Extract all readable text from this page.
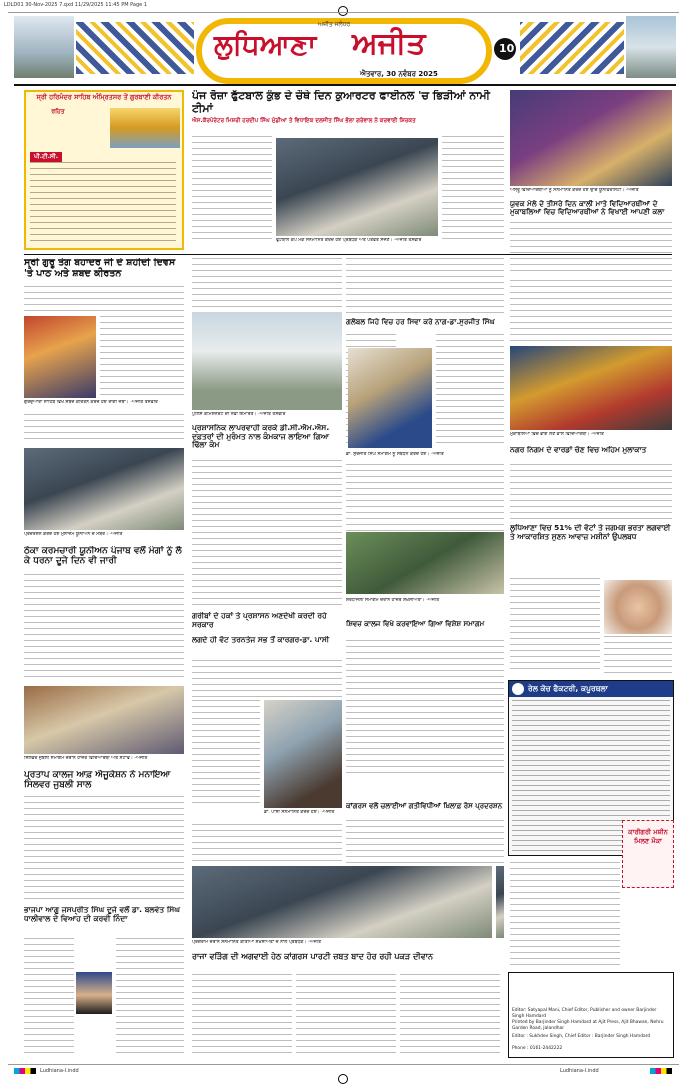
LDLD01 30-Nov-2025 7.qxd 11/29/2025 11:45 PM Page 1
ਅਜੀਤ ਜਲੰਧਰ
ਲੁਧਿਆਣਾ ਅਜੀਤ
ਐਤਵਾਰ, 30 ਨਵੰਬਰ 2025
10
ਸ੍ਰੀ ਹਰਿਮੰਦਰ ਸਾਹਿਬ ਅੰਮ੍ਰਿਤਸਰ ਤੋਂ ਗੁਰਬਾਣੀ ਕੀਰਤਨ
ਰਹਿਤ
ਪੀ.ਟੀ.ਸੀ.
ਪੰਜ ਰੋਜ਼ਾ ਫੁੱਟਬਾਲ ਕੁੰਭ ਦੇ ਚੌਥੇ ਦਿਨ ਕੁਆਰਟਰ ਫਾਈਨਲ 'ਚ ਭਿੜੀਆਂ ਨਾਮੀ ਟੀਮਾਂ
ਐਸ.ਕੌਰਪੋਰੇਟਰ ਮਿਸ਼ਰੀ ਹਰਦੀਪ ਸਿੰਘ ਮੁੰਡੀਆਂ ਤੇ ਵਿਧਾਇਕ ਦਲਜੀਤ ਸਿੰਘ ਭੋਲਾ ਗਰੇਵਾਲ ਨੇ ਕਰਵਾਈ ਸ਼ਿਰਕਤ
ਫੁੱਟਬਾਲ ਕੱਪ ਮੌਕੇ ਸਨਮਾਨਿਤ ਕਰਦੇ ਹੋਏ ਪ੍ਰਬੰਧਕ ਅਤੇ ਪਤਵੰਤੇ ਸੱਜਣ। -ਅਜੀਤ ਤਸਵੀਰ
ਅਸ੍ਰੂ ਵਿਦਿਆਰਥੀਆਂ ਨੂੰ ਸਨਮਾਨਿਤ ਕਰਦੇ ਹੋਏ ਉੱਚ ਯੂਨੀਵਰਸਿਟੀ। -ਅਜੀਤ
ਯੁਵਕ ਮੇਲੇ ਦੇ ਤੀਸਰੇ ਦਿਨ ਕਾਲੀ ਮਾਤੇ ਵਿਦਿਆਰਥੀਆਂ ਦੇ ਮੁਕਾਬਲਿਆਂ ਵਿਚ ਵਿਦਿਆਰਥੀਆਂ ਨੇ ਵਿਖਾਈ ਆਪਣੀ ਕਲਾ
ਸ੍ਰੀ ਗੁਰੂ ਤੇਗ ਬਹਾਦਰ ਜੀ ਦੇ ਸ਼ਹੀਦੀ ਦਿਵਸ 'ਤੇ ਪਾਠ ਅਤੇ ਸ਼ਬਦ ਕੀਰਤਨ
ਗੁਰਦੁਆਰਾ ਸਾਹਿਬ ਵਿਖੇ ਸ਼ਬਦ ਕੀਰਤਨ ਕਰਦੇ ਹੋਏ ਰਾਗੀ ਜਥਾ। -ਅਜੀਤ ਤਸਵੀਰ
ਪ੍ਰਦਰਸ਼ਨ ਕਰਦੇ ਹੋਏ ਮੁਲਾਜ਼ਮ ਯੂਨੀਅਨ ਦੇ ਮੈਂਬਰ। -ਅਜੀਤ
ਠੇਕਾ ਕਰਮਚਾਰੀ ਯੂਨੀਅਨ ਪੰਜਾਬ ਵਲੋਂ ਮੰਗਾਂ ਨੂੰ ਲੈ ਕੇ ਧਰਨਾ ਦੂਜੇ ਦਿਨ ਵੀ ਜਾਰੀ
ਸਿਲਵਰ ਜੁਬਲੀ ਸਮਾਗਮ ਦੌਰਾਨ ਹਾਜ਼ਰ ਵਿਦਿਆਰਥੀ ਅਤੇ ਸਟਾਫ। -ਅਜੀਤ
ਪ੍ਰਤਾਪ ਕਾਲਜ ਆਫ਼ ਐਜੂਕੇਸ਼ਨ ਨੇ ਮਨਾਇਆ ਸਿਲਵਰ ਜੁਬਲੀ ਸਾਲ
ਭਾਜਪਾ ਆਗੂ ਜਸਪ੍ਰੀਤ ਸਿੰਘ ਦੂਜੇ ਵਲੋਂ ਡਾ. ਬਲਵੰਤ ਸਿੰਘ ਧਾਲੀਵਾਲ ਦੇ ਵਿਆਹ ਦੀ ਕਰਵੀ ਨਿੰਦਾ
ਪੁਲਿਸ ਕਮਿਸ਼ਨਰੇਟ ਦੀ ਨਵੀਂ ਇਮਾਰਤ। -ਅਜੀਤ ਤਸਵੀਰ
ਪ੍ਰਸ਼ਾਸਨਿਕ ਲਾਪਰਵਾਹੀ ਕਰਕੇ ਡੀ.ਸੀ.ਐਮ.ਐਸ. ਦਫ਼ਤਰਾਂ ਦੀ ਮੁਰੰਮਤ ਨਾਲ ਕੰਮਕਾਜ ਲਾਇਆ ਗਿਆ ਢਿੱਲਾ ਕੰਮ
ਗਰੀਬਾਂ ਦੇ ਹਕਾਂ ਤੇ ਪ੍ਰਸ਼ਾਸਨ ਅਣਦੇਖੀ ਕਰਦੀ ਰਹੇ ਸਰਕਾਰ
ਲਗਦੇ ਹੀ ਵੋਟ ਤਰਨਤੇਜ ਸਭ ਤੋਂ ਕਾਰਗਰ-ਡਾ. ਪਾਸੀ
ਡਾ. ਪਾਸੀ ਸਨਮਾਨਿਤ ਕਰਦੇ ਹੋਏ। -ਅਜੀਤ
ਪ੍ਰੋਗਰਾਮ ਦੌਰਾਨ ਸਨਮਾਨਿਤ ਕੀਤੀਆਂ ਸ਼ਖ਼ਸੀਅਤਾਂ ਦੇ ਨਾਲ ਪ੍ਰਬੰਧਕ। -ਅਜੀਤ
ਰਾਜਾ ਵੜਿੰਗ ਦੀ ਅਗਵਾਈ ਹੇਠ ਕਾਂਗਰਸ ਪਾਰਟੀ ਜ਼ਬਤ ਬਾਦ ਹੋਰ ਰਹੀ ਪਕੜ ਦੀਵਾਨ
ਗਲੋਬਲ ਜਿਹੇ ਵਿਚ ਹਰ ਸਿਵਾ ਕਰੇ ਨਾਗ-ਡਾ.ਸੁਰਜੀਤ ਸਿੰਘ
ਡਾ. ਸੁਰਜੀਤ ਸਿੰਘ ਸਮਾਗਮ ਨੂੰ ਸੰਬੋਧਨ ਕਰਦੇ ਹੋਏ। -ਅਜੀਤ
ਸ਼ਰਧਾਂਜਲੀ ਸਮਾਗਮ ਦੌਰਾਨ ਹਾਜ਼ਰ ਸ਼ਖ਼ਸੀਅਤਾਂ। -ਅਜੀਤ
ਸ਼ਿਵਜ਼ ਕਾਲਜ ਵਿਖੇ ਕਰਵਾਇਆ ਗਿਆ ਵਿਸ਼ੇਸ਼ ਸਮਾਗਮ
ਕਾਂਗਰਸ ਵਲੋਂ ਚਲਾਈਆਂ ਗਤੀਵਿਧੀਆਂ ਖ਼ਿਲਾਫ਼ ਰੋਸ ਪ੍ਰਦਰਸ਼ਨ
ਮੁਕਾਬਲਿਆਂ ਵਿਚ ਭਾਗ ਲੈਣ ਵਾਲੇ ਵਿਦਿਆਰਥੀ। -ਅਜੀਤ
ਨਗਰ ਨਿਗਮ ਦੇ ਵਾਰਡਾਂ ਚੋਣ ਵਿਚ ਅਹਿਮ ਮੁਲਾਕਾਤ
ਲੁਧਿਆਣਾ ਵਿਚ 51% ਦੀ ਵੋਟਾਂ ਤੇ ਜਗਮਗ ਭਰਤਾ ਲਗਵਾਈ ਤੇ ਆਕਾਰਸ਼ਿਤ ਸੁਣਨ ਆਵਾਜ਼ ਮਸ਼ੀਨਾਂ ਉਪਲਬਧ
ਰੇਲ ਕੋਚ ਫੈਕਟਰੀ, ਕਪੂਰਥਲਾ
ਕਾਰੀਗਰੀ ਮਸ਼ੀਨ ਮਿਲਣ ਮੌਕਾ
Editor: Satyapal Mani, Chief Editor, Publisher and owner Barjinder Singh Hamdard
Printed by Barjinder Singh Hamdard at Ajit Press, Ajit Bhawan, Nehru Garden Road, Jalandhar
Editor : Sukhdev Singh, Chief Editor : Barjinder Singh Hamdard
Phone : 0161-2442222
Ludhiana-I.indd	Ludhiana-I.indd
